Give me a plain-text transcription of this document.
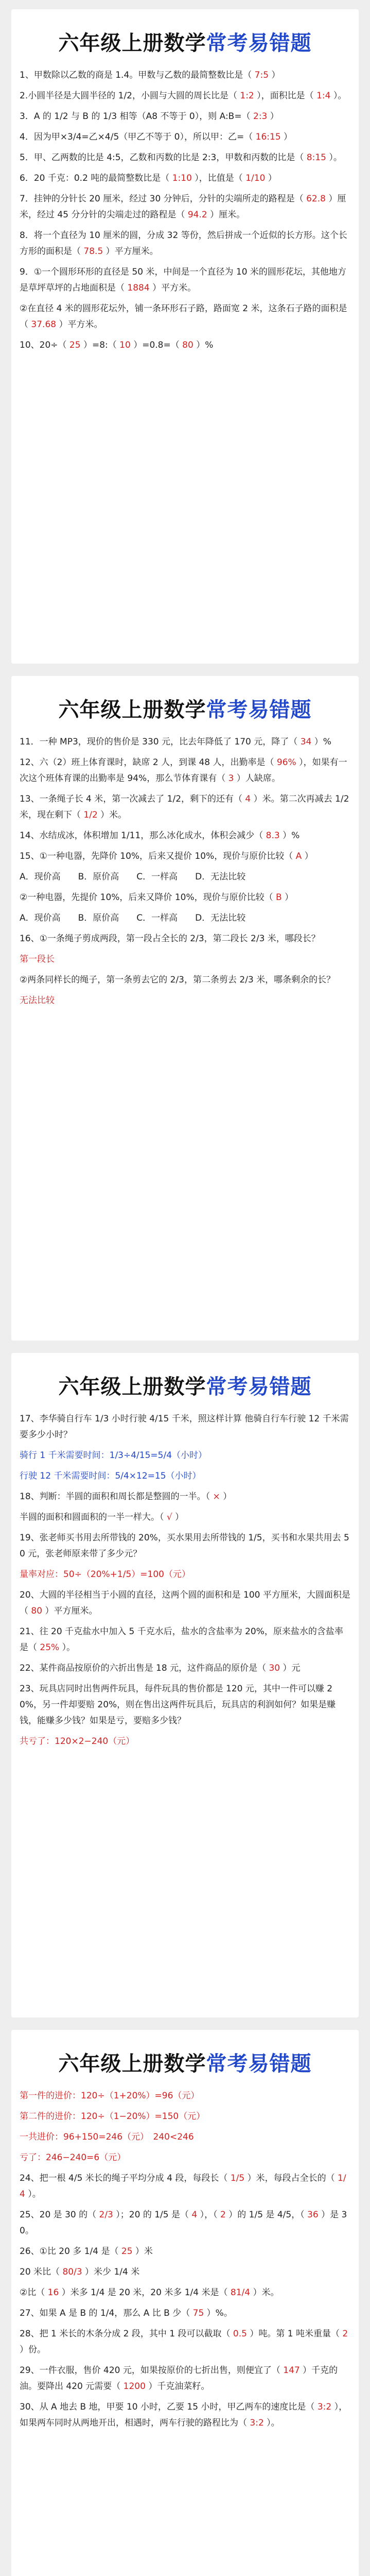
六年级上册数学常考易错题
1、甲数除以乙数的商是 1.4。甲数与乙数的最简整数比是（ 7:5 ）
2.小圆半径是大圆半径的 1/2，小圆与大圆的周长比是（ 1:2 ），面积比是（ 1:4 ）。
3．A 的 1/2 与 B 的 1/3 相等（A8 不等于 0），则 A:B=（ 2:3 ）
4．因为甲×3/4=乙×4/5（甲乙不等于 0），所以甲：乙=（ 16:15 ）
5．甲、乙两数的比是 4:5，乙数和丙数的比是 2:3，甲数和丙数的比是（ 8:15 ）。
6．20 千克：0.2 吨的最简整数比是（ 1:10 ），比值是（ 1/10 ）
7．挂钟的分针长 20 厘米，经过 30 分钟后，分针的尖端所走的路程是（ 62.8 ）厘米，经过 45 分分针的尖端走过的路程是（ 94.2 ）厘米。
8．将一个直径为 10 厘米的圆，分成 32 等份，然后拼成一个近似的长方形。这个长方形的面积是（ 78.5 ）平方厘米。
9．①一个圆形环形的直径是 50 米，中间是一个直径为 10 米的圆形花坛，其他地方是草坪草坪的占地面积是（ 1884 ）平方米。
②在直径 4 米的圆形花坛外，铺一条环形石子路，路面宽 2 米，这条石子路的面积是（ 37.68 ）平方米。
10、20÷（ 25 ）=8:（ 10 ）=0.8=（ 80 ）%
六年级上册数学常考易错题
11．一种 MP3，现价的售价是 330 元，比去年降低了 170 元，降了（ 34 ）%
12、六（2）班上体育课时，缺席 2 人，到课 48 人，出勤率是（ 96% ），如果有一次这个班体育课的出勤率是 94%，那么节体育课有（ 3 ）人缺席。
13、一条绳子长 4 米，第一次减去了 1/2，剩下的还有（ 4 ）米。第二次再减去 1/2 米，现在剩下（ 1/2 ）米。
14、水结成冰，体积增加 1/11，那么冰化成水，体积会减少（ 8.3 ）%
15、①一种电器，先降价 10%，后来又提价 10%，现价与原价比较（ A ）
A．现价高　　B．原价高　　C．一样高　　D．无法比较
②一种电器，先提价 10%，后来又降价 10%，现价与原价比较（ B ）
A．现价高　　B．原价高　　C．一样高　　D．无法比较
16、①一条绳子剪成两段，第一段占全长的 2/3，第二段长 2/3 米，哪段长？
第一段长
②两条同样长的绳子，第一条剪去它的 2/3，第二条剪去 2/3 米，哪条剩余的长？
无法比较
六年级上册数学常考易错题
17、李华骑自行车 1/3 小时行驶 4/15 千米，照这样计算 他骑自行车行驶 12 千米需要多少小时？
骑行 1 千米需要时间：1/3÷4/15=5/4（小时）
行驶 12 千米需要时间：5/4×12=15（小时）
18、判断：半圆的面积和周长都是整圆的一半。（ × ）
半圆的面积和圆面积的一半一样大。（ √ ）
19、张老师买书用去所带钱的 20%，买水果用去所带钱的 1/5，买书和水果共用去 50 元，张老师原来带了多少元？
量率对应：50÷（20%+1/5）=100（元）
20、大圆的半径相当于小圆的直径，这两个圆的面积和是 100 平方厘米，大圆面积是（ 80 ）平方厘米。
21、往 20 千克盐水中加入 5 千克水后，盐水的含盐率为 20%，原来盐水的含盐率是（ 25% ）。
22、某件商品按原价的六折出售是 18 元，这件商品的原价是（ 30 ）元
23、玩具店同时出售两件玩具，每件玩具的售价都是 120 元，其中一件可以赚 20%，另一件却要赔 20%，则在售出这两件玩具后，玩具店的利润如何？如果是赚钱，能赚多少钱？如果是亏，要赔多少钱？
共亏了：120×2−240（元）
六年级上册数学常考易错题
第一件的进价：120÷（1+20%）=96（元）
第二件的进价：120÷（1−20%）=150（元）
一共进价：96+150=246（元）　240<246
亏了：246−240=6（元）
24、把一根 4/5 米长的绳子平均分成 4 段，每段长（ 1/5 ）米，每段占全长的（ 1/4 ）。
25、20 是 30 的（ 2/3 ）；20 的 1/5 是（ 4 ），（ 2 ）的 1/5 是 4/5，（ 36 ）是 30。
26、①比 20 多 1/4 是（ 25 ）米
20 米比（ 80/3 ）米少 1/4 米
②比（ 16 ）米多 1/4 是 20 米，20 米多 1/4 米是（ 81/4 ）米。
27、如果 A 是 B 的 1/4，那么 A 比 B 少（ 75 ）%。
28、把 1 米长的木条分成 2 段，其中 1 段可以截取（ 0.5 ）吨。第 1 吨米重量（ 2 ）份。
29、一件衣服，售价 420 元，如果按原价的七折出售，则便宜了（ 147 ）千克的油。要降出 420 元需要（ 1200 ）千克油菜籽。
30、从 A 地去 B 地，甲要 10 小时，乙要 15 小时，甲乙两车的速度比是（ 3:2 ），如果两车同时从两地开出，相遇时，两车行驶的路程比为（ 3:2 ）。
